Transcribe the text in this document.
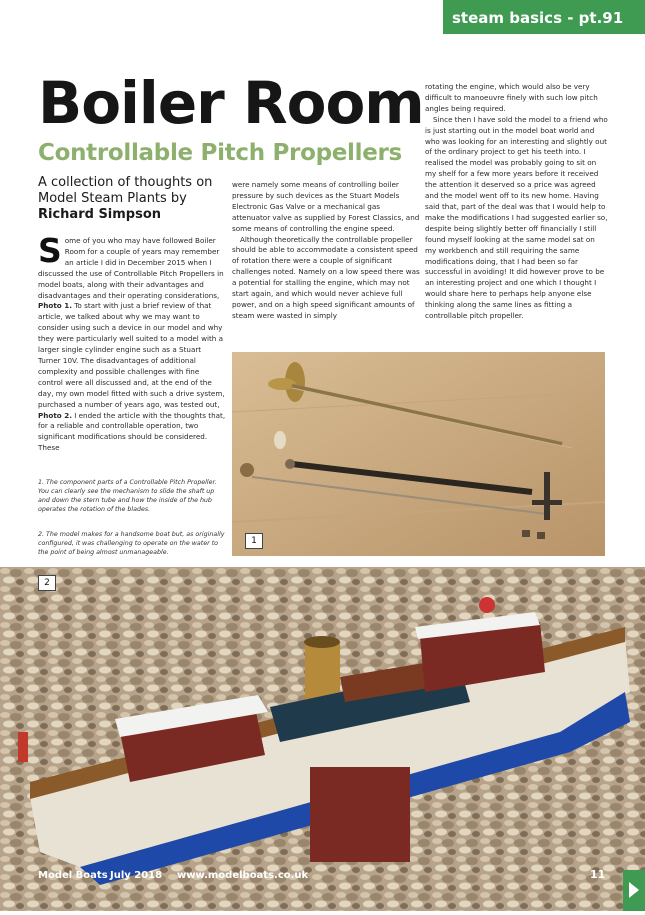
steam basics - pt.91
Boiler Room
Controllable Pitch Propellers
A collection of thoughts on Model Steam Plants by Richard Simpson

Some of you who may have followed Boiler Room for a couple of years may remember an article I did in December 2015 when I discussed the use of Controllable Pitch Propellers in model boats, along with their advantages and disadvantages and their operating considerations, Photo 1. To start with just a brief review of that article, we talked about why we may want to consider using such a device in our model and why they were particularly well suited to a model with a larger single cylinder engine such as a Stuart Turner 10V. The disadvantages of additional complexity and possible challenges with fine control were all discussed and, at the end of the day, my own model fitted with such a drive system, purchased a number of years ago, was tested out, Photo 2. I ended the article with the thoughts that, for a reliable and controllable operation, two significant modifications should be considered. These

1. The component parts of a Controllable Pitch Propeller. You can clearly see the mechanism to slide the shaft up and down the stern tube and how the inside of the hub operates the rotation of the blades.
2. The model makes for a handsome boat but, as originally configured, it was challenging to operate on the water to the point of being almost unmanageable.

were namely some means of controlling boiler pressure by such devices as the Stuart Models Electronic Gas Valve or a mechanical gas attenuator valve as supplied by Forest Classics, and some means of controlling the engine speed.

Although theoretically the controllable propeller should be able to accommodate a consistent speed of rotation there were a couple of significant challenges noted. Namely on a low speed there was a potential for stalling the engine, which may not start again, and which would never achieve full power, and on a high speed significant amounts of steam were wasted in simply

rotating the engine, which would also be very difficult to manoeuvre finely with such low pitch angles being required.

Since then I have sold the model to a friend who is just starting out in the model boat world and who was looking for an interesting and slightly out of the ordinary project to get his teeth into. I realised the model was probably going to sit on my shelf for a few more years before it received the attention it deserved so a price was agreed and the model went off to its new home. Having said that, part of the deal was that I would help to make the modifications I had suggested earlier so, despite being slightly better off financially I still found myself looking at the same model sat on my workbench and still requiring the same modifications doing, that I had been so far successful in avoiding! It did however prove to be an interesting project and one which I thought I would share here to perhaps help anyone else thinking along the same lines as fitting a controllable pitch propeller.

1
2
Model Boats July 2018 www.modelboats.co.uk	11
